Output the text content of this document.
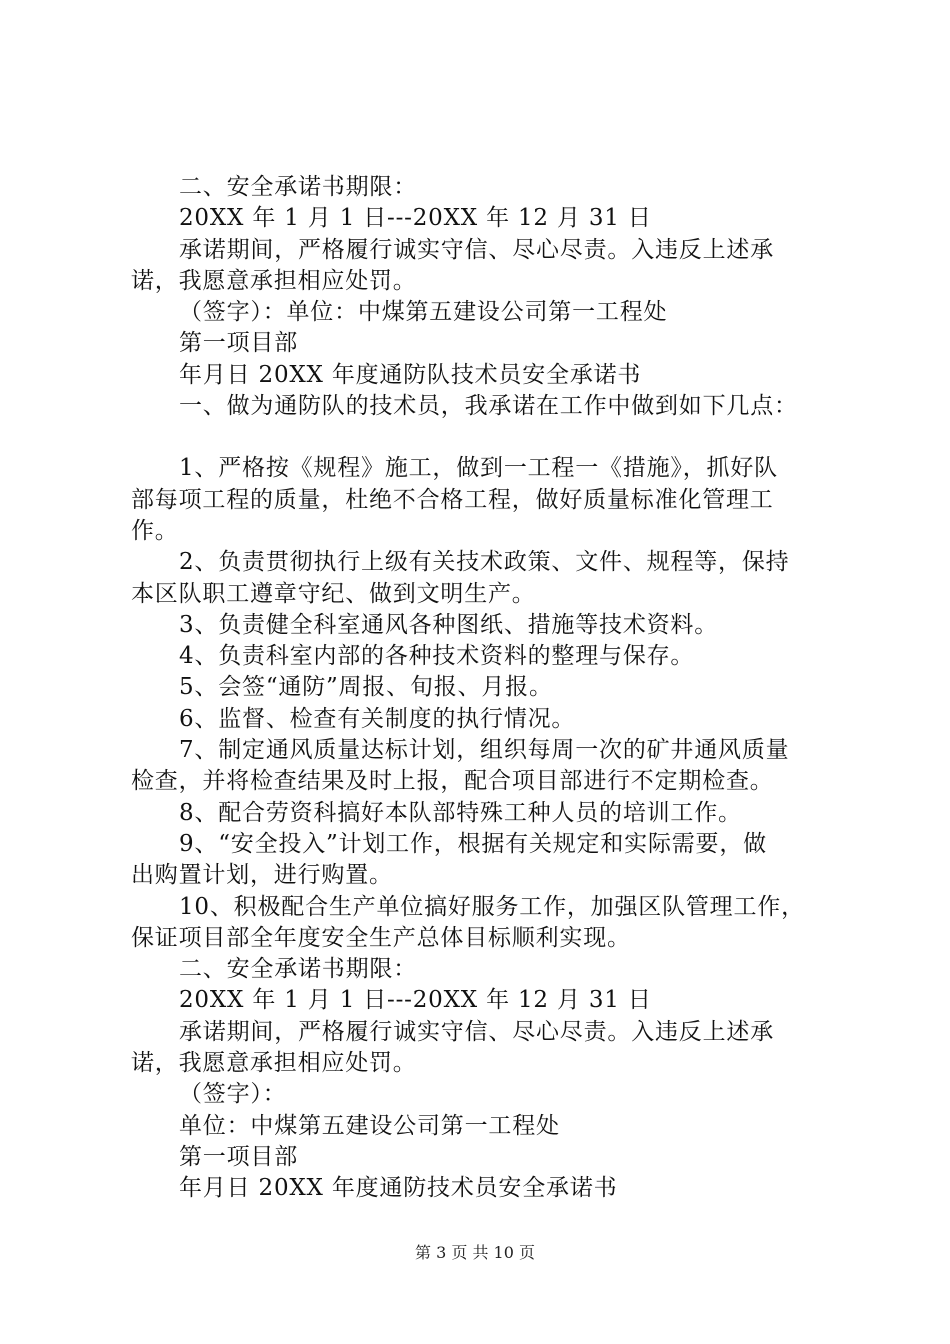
二、安全承诺书期限：
20XX 年 1 月 1 日---20XX 年 12 月 31 日
承诺期间，严格履行诚实守信、尽心尽责。入违反上述承
诺，我愿意承担相应处罚。
（签字）：单位：中煤第五建设公司第一工程处
第一项目部
年月日 20XX 年度通防队技术员安全承诺书
一、做为通防队的技术员，我承诺在工作中做到如下几点：
1、严格按《规程》施工，做到一工程一《措施》，抓好队
部每项工程的质量，杜绝不合格工程，做好质量标准化管理工
作。
2、负责贯彻执行上级有关技术政策、文件、规程等，保持
本区队职工遵章守纪、做到文明生产。
3、负责健全科室通风各种图纸、措施等技术资料。
4、负责科室内部的各种技术资料的整理与保存。
5、会签“通防”周报、旬报、月报。
6、监督、检查有关制度的执行情况。
7、制定通风质量达标计划，组织每周一次的矿井通风质量
检查，并将检查结果及时上报，配合项目部进行不定期检查。
8、配合劳资科搞好本队部特殊工种人员的培训工作。
9、“安全投入”计划工作，根据有关规定和实际需要，做
出购置计划，进行购置。
10、积极配合生产单位搞好服务工作，加强区队管理工作，
保证项目部全年度安全生产总体目标顺利实现。
二、安全承诺书期限：
20XX 年 1 月 1 日---20XX 年 12 月 31 日
承诺期间，严格履行诚实守信、尽心尽责。入违反上述承
诺，我愿意承担相应处罚。
（签字）：
单位：中煤第五建设公司第一工程处
第一项目部
年月日 20XX 年度通防技术员安全承诺书
第 3 页 共 10 页
